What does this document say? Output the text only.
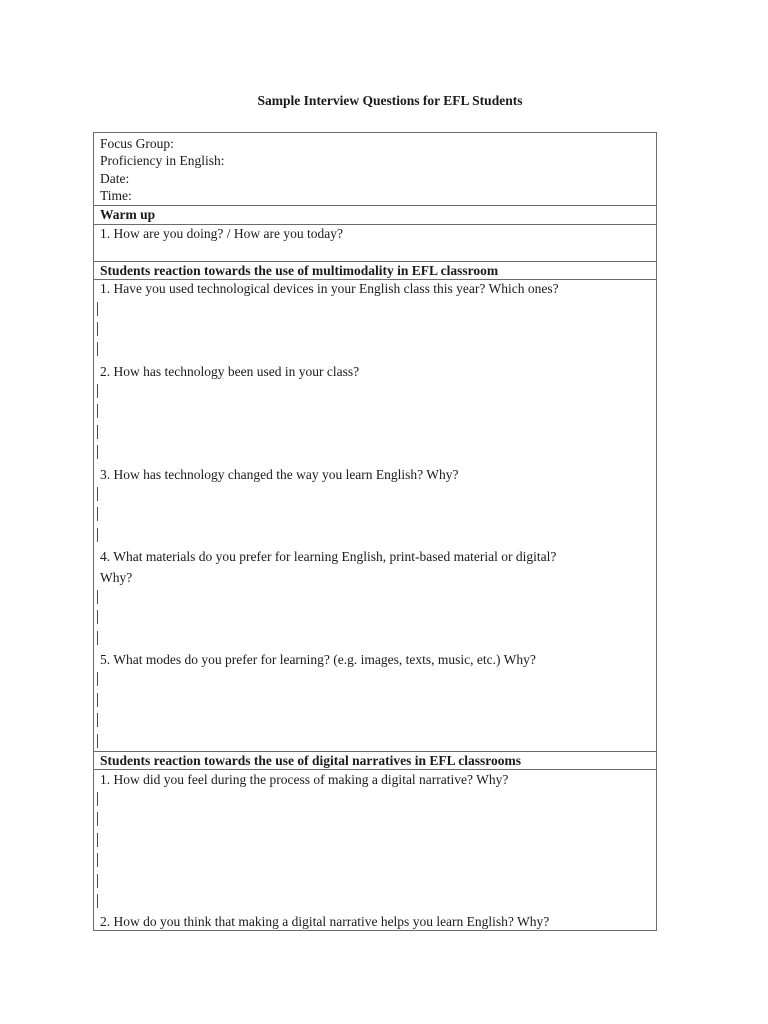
Sample Interview Questions for EFL Students
Focus Group:
Proficiency in English:
Date:
Time:
Warm up
1. How are you doing? / How are you today?
Students reaction towards the use of multimodality in EFL classroom
1. Have you used technological devices in your English class this year? Which ones?
2. How has technology been used in your class?
3. How has technology changed the way you learn English? Why?
4. What materials do you prefer for learning English, print-based material or digital?
Why?
5. What modes do you prefer for learning? (e.g. images, texts, music, etc.) Why?
Students reaction towards the use of digital narratives in EFL classrooms
1. How did you feel during the process of making a digital narrative? Why?
2. How do you think that making a digital narrative helps you learn English? Why?
